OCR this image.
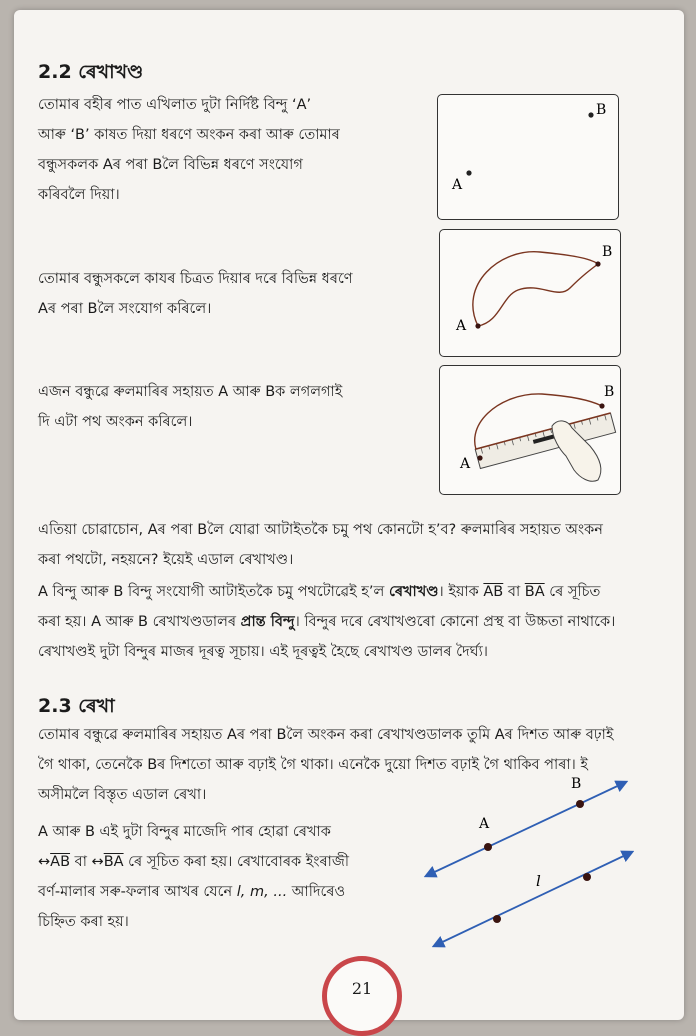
2.2 ৰেখাখণ্ড
তোমাৰ বহীৰ পাত এখিলাত দুটা নিৰ্দিষ্ট বিন্দু ‘A’
আৰু ‘B’ কাষত দিয়া ধৰণে অংকন কৰা আৰু তোমাৰ
বন্ধুসকলক Aৰ পৰা Bলৈ বিভিন্ন ধৰণে সংযোগ
কৰিবলৈ দিয়া।
তোমাৰ বন্ধুসকলে কাযৰ চিত্ৰত দিয়াৰ দৰে বিভিন্ন ধৰণে
Aৰ পৰা Bলৈ সংযোগ কৰিলে।
এজন বন্ধুৱে ৰুলমাৰিৰ সহায়ত A আৰু Bক লগলগাই
দি এটা পথ অংকন কৰিলে।
A
B
A
B
A
B
এতিয়া চোৱাচোন, Aৰ পৰা Bলৈ যোৱা আটাইতকৈ চমু পথ কোনটো হ’ব? ৰুলমাৰিৰ সহায়ত অংকন
কৰা পথটো, নহয়নে? ইয়েই এডাল ৰেখাখণ্ড।
A বিন্দু আৰু B বিন্দু সংযোগী আটাইতকৈ চমু পথটোৱেই হ’ল ৰেখাখণ্ড। ইয়াক $\overline{AB}$ বা $\overline{BA}$ ৰে সূচিত
কৰা হয়। A আৰু B ৰেখাখণ্ডডালৰ প্ৰান্ত বিন্দু। বিন্দুৰ দৰে ৰেখাখণ্ডৰো কোনো প্ৰস্থ বা উচ্চতা নাথাকে।
ৰেখাখণ্ডই দুটা বিন্দুৰ মাজৰ দূৰত্ব সূচায়। এই দূৰত্বই হৈছে ৰেখাখণ্ড ডালৰ দৈৰ্ঘ্য।
2.3 ৰেখা
তোমাৰ বন্ধুৱে ৰুলমাৰিৰ সহায়ত Aৰ পৰা Bলৈ অংকন কৰা ৰেখাখণ্ডডালক তুমি Aৰ দিশত আৰু বঢ়াই
গৈ থাকা, তেনেকৈ Bৰ দিশতো আৰু বঢ়াই গৈ থাকা। এনেকৈ দুয়ো দিশত বঢ়াই গৈ থাকিব পাৰা। ই
অসীমলৈ বিস্তৃত এডাল ৰেখা।
A আৰু B এই দুটা বিন্দুৰ মাজেদি পাৰ হোৱা ৰেখাক
$\leftrightarrow\overline{AB}$ বা $\leftrightarrow\overline{BA}$ ৰে সূচিত কৰা হয়। ৰেখাবোৰক ইংৰাজী
বৰ্ণ-মালাৰ সৰু-ফলাৰ আখৰ যেনে l, m, ... আদিৰেও
চিহ্নিত কৰা হয়।
A
B
l
21
